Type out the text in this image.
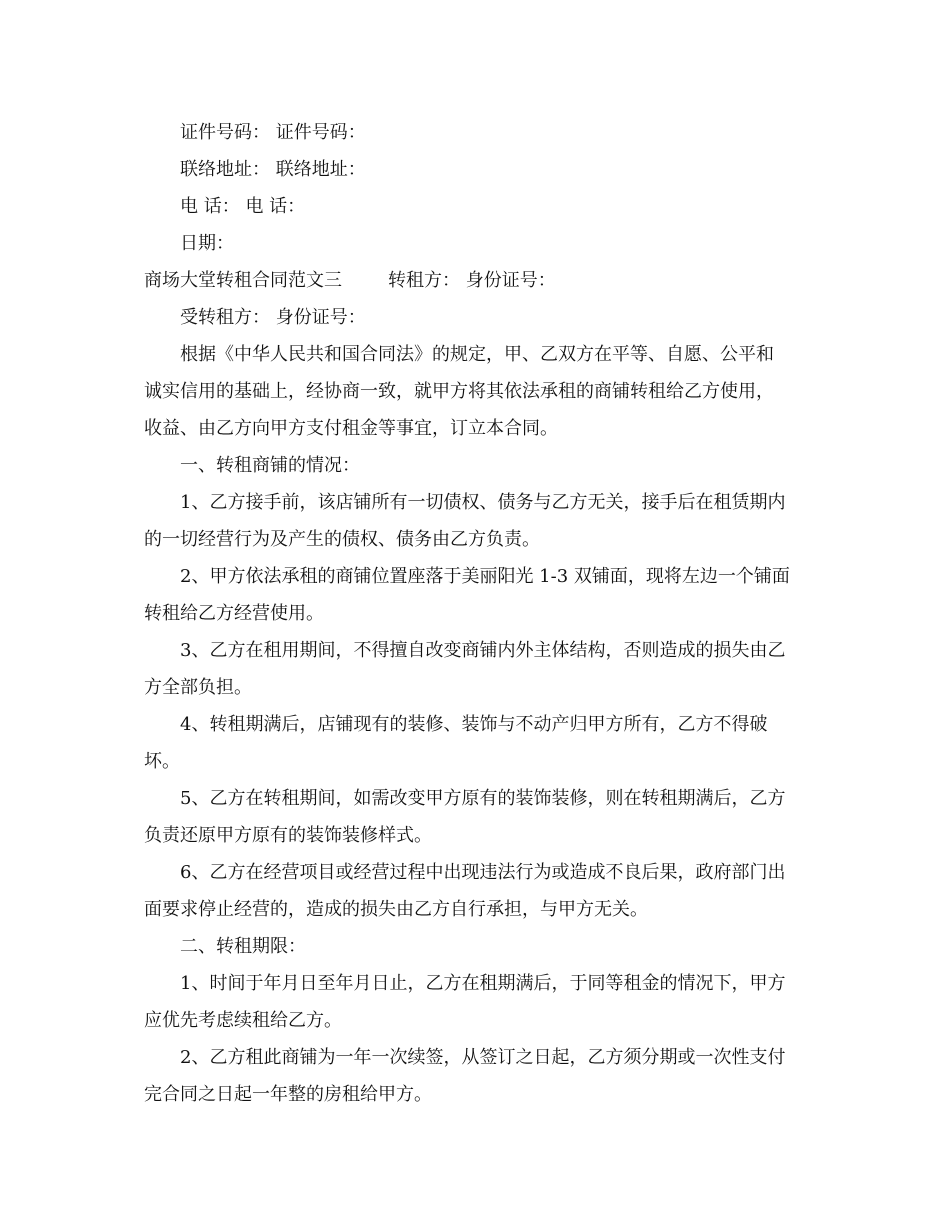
证件号码： 证件号码：

联络地址： 联络地址：

电 话： 电 话：

日期：

商场大堂转租合同范文三	转租方： 身份证号：

受转租方： 身份证号：

根据《中华人民共和国合同法》的规定，甲、乙双方在平等、自愿、公平和

诚实信用的基础上，经协商一致，就甲方将其依法承租的商铺转租给乙方使用，

收益、由乙方向甲方支付租金等事宜，订立本合同。

一、转租商铺的情况：

1、乙方接手前，该店铺所有一切债权、债务与乙方无关，接手后在租赁期内

的一切经营行为及产生的债权、债务由乙方负责。

2、甲方依法承租的商铺位置座落于美丽阳光 1-3 双铺面，现将左边一个铺面

转租给乙方经营使用。

3、乙方在租用期间，不得擅自改变商铺内外主体结构，否则造成的损失由乙

方全部负担。

4、转租期满后，店铺现有的装修、装饰与不动产归甲方所有，乙方不得破

坏。

5、乙方在转租期间，如需改变甲方原有的装饰装修，则在转租期满后，乙方

负责还原甲方原有的装饰装修样式。

6、乙方在经营项目或经营过程中出现违法行为或造成不良后果，政府部门出

面要求停止经营的，造成的损失由乙方自行承担，与甲方无关。

二、转租期限：

1、时间于年月日至年月日止，乙方在租期满后，于同等租金的情况下，甲方

应优先考虑续租给乙方。

2、乙方租此商铺为一年一次续签，从签订之日起，乙方须分期或一次性支付

完合同之日起一年整的房租给甲方。
